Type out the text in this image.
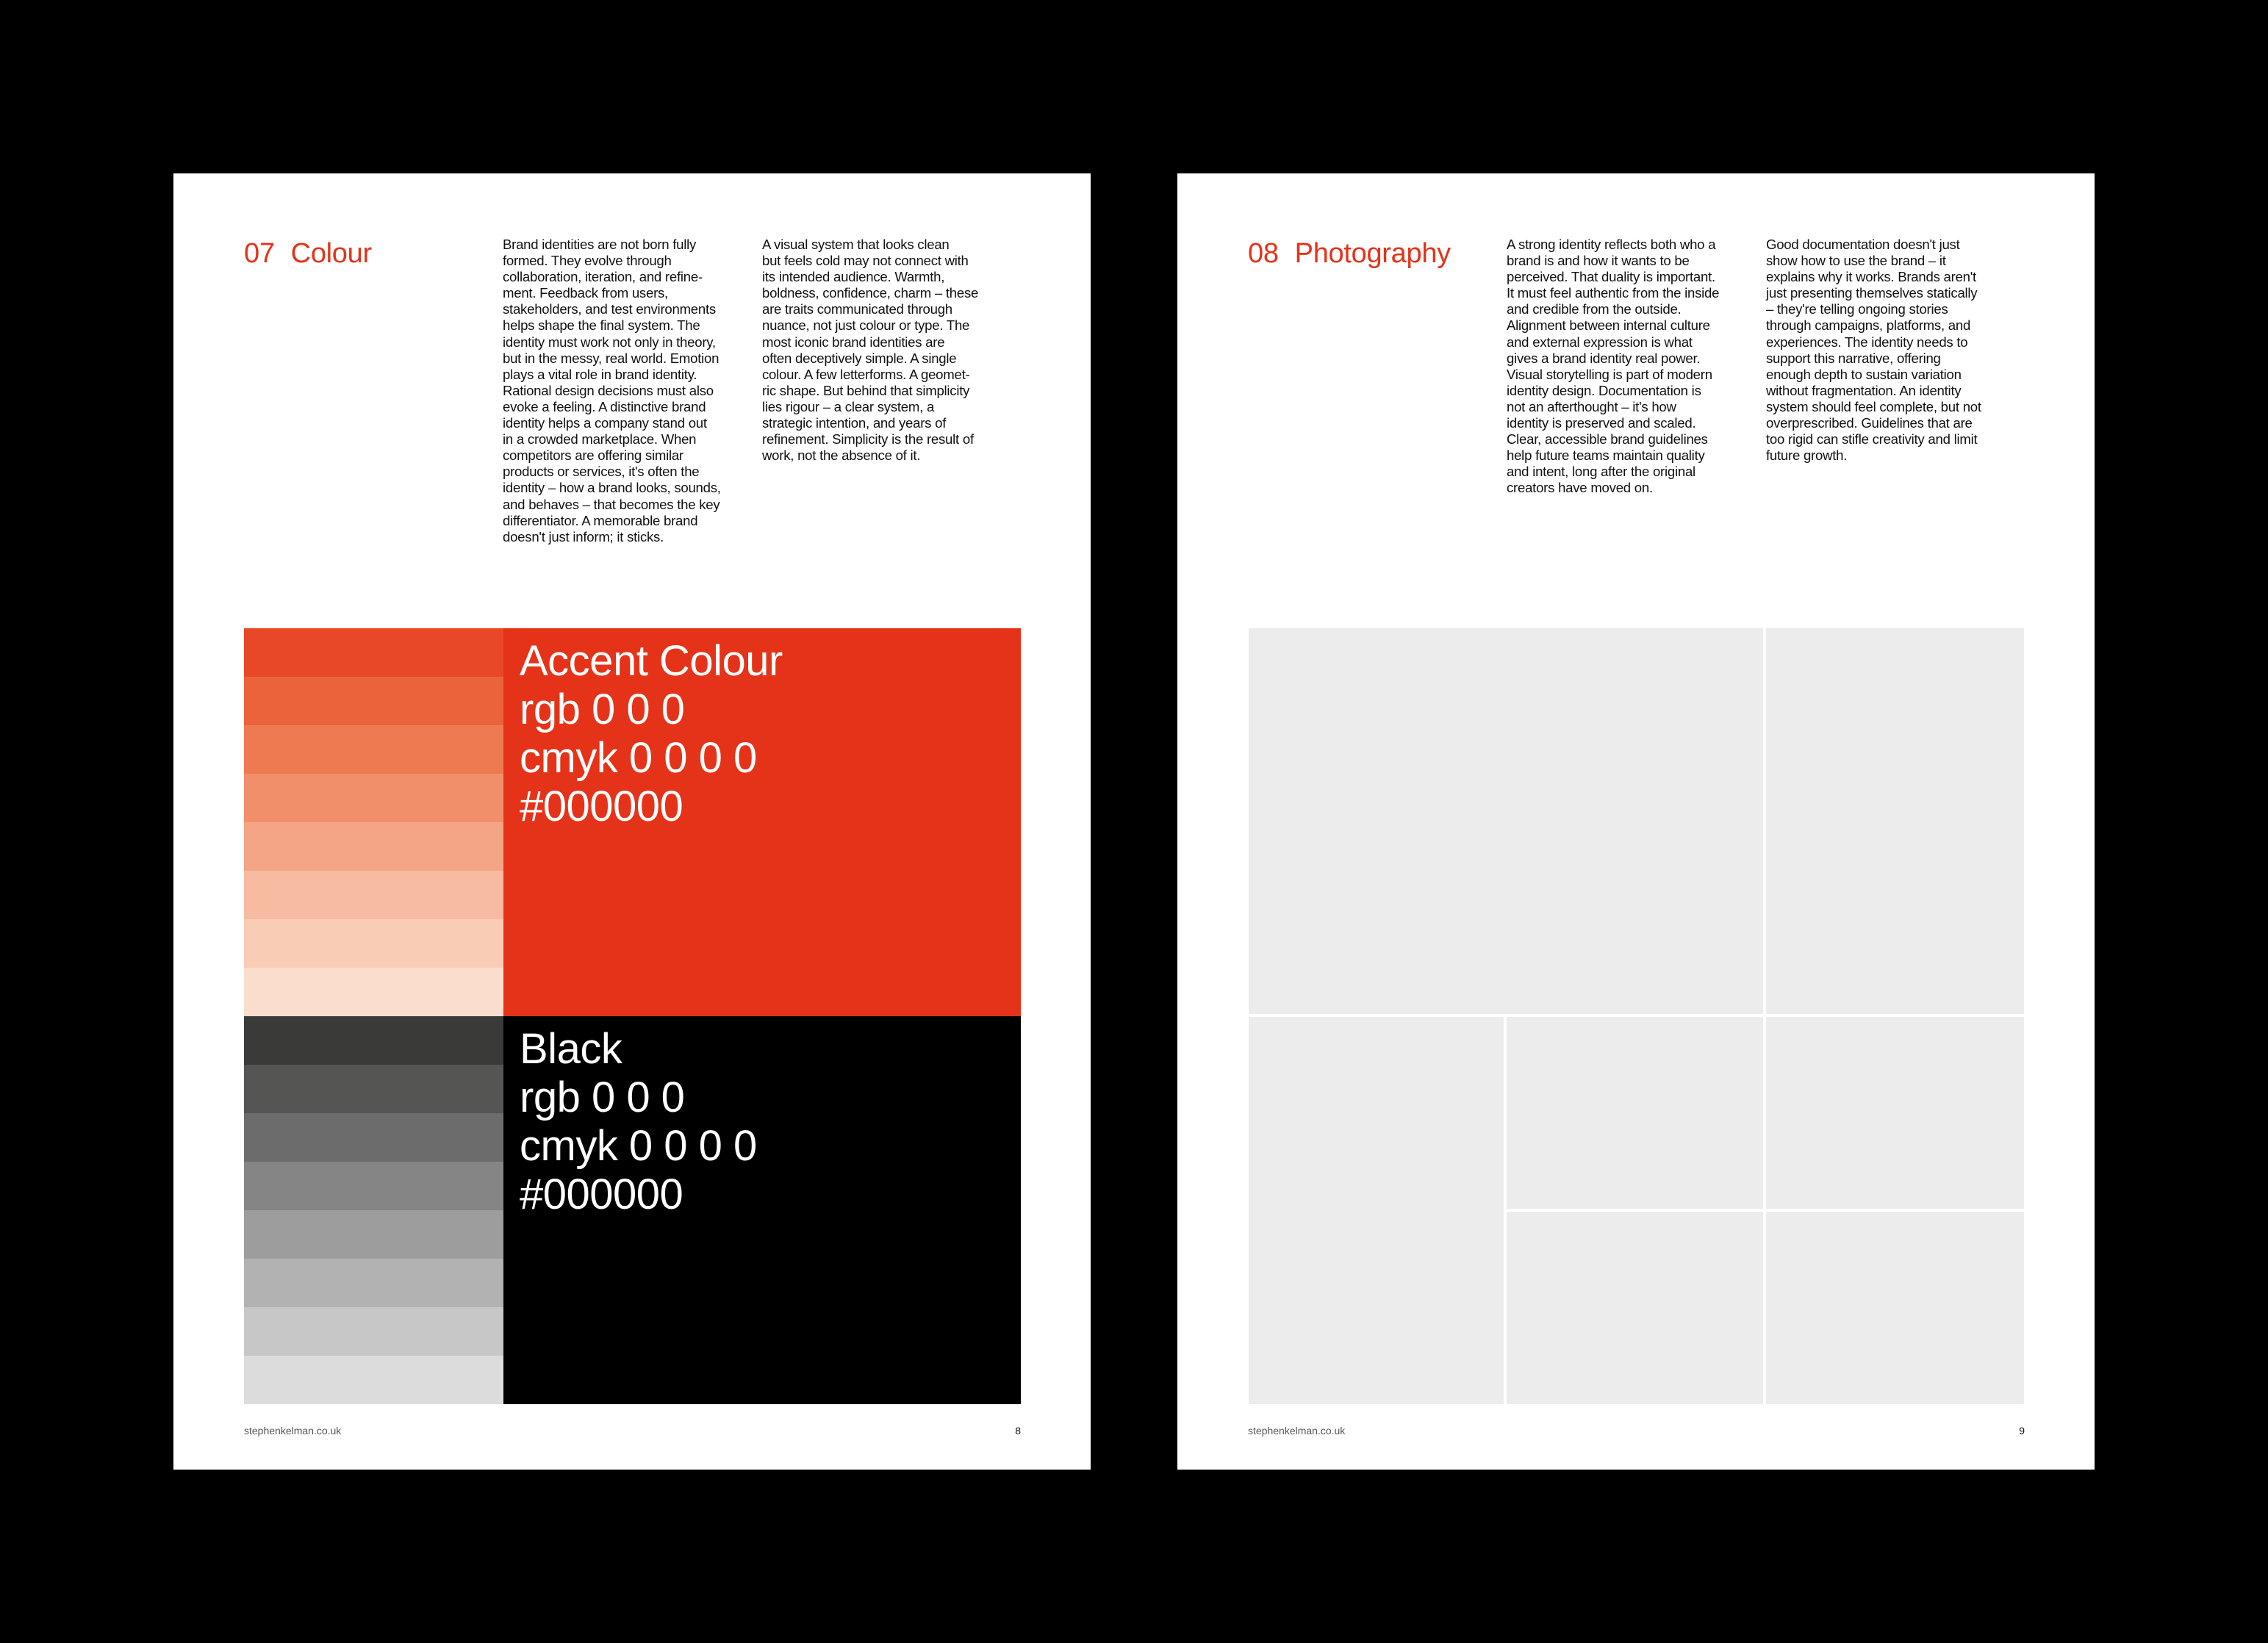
07 Colour	Brand identities are not born fully
formed. They evolve through
collaboration, iteration, and refine-
ment. Feedback from users,
stakeholders, and test environments
helps shape the final system. The
identity must work not only in theory,
but in the messy, real world. Emotion
plays a vital role in brand identity.
Rational design decisions must also
evoke a feeling. A distinctive brand
identity helps a company stand out
in a crowded marketplace. When
competitors are offering similar
products or services, it's often the
identity – how a brand looks, sounds,
and behaves – that becomes the key
differentiator. A memorable brand
doesn't just inform; it sticks.
A visual system that looks clean
but feels cold may not connect with
its intended audience. Warmth,
boldness, confidence, charm – these
are traits communicated through
nuance, not just colour or type. The
most iconic brand identities are
often deceptively simple. A single
colour. A few letterforms. A geomet-
ric shape. But behind that simplicity
lies rigour – a clear system, a
strategic intention, and years of
refinement. Simplicity is the result of
work, not the absence of it.
Accent Colour
rgb 0 0 0
cmyk 0 0 0 0
#000000
Black
rgb 0 0 0
cmyk 0 0 0 0
#000000
stephenkelman.co.uk	8
08 Photography	A strong identity reflects both who a
brand is and how it wants to be
perceived. That duality is important.
It must feel authentic from the inside
and credible from the outside.
Alignment between internal culture
and external expression is what
gives a brand identity real power.
Visual storytelling is part of modern
identity design. Documentation is
not an afterthought – it's how
identity is preserved and scaled.
Clear, accessible brand guidelines
help future teams maintain quality
and intent, long after the original
creators have moved on.
Good documentation doesn't just
show how to use the brand – it
explains why it works. Brands aren't
just presenting themselves statically
– they're telling ongoing stories
through campaigns, platforms, and
experiences. The identity needs to
support this narrative, offering
enough depth to sustain variation
without fragmentation. An identity
system should feel complete, but not
overprescribed. Guidelines that are
too rigid can stifle creativity and limit
future growth.
stephenkelman.co.uk	9
